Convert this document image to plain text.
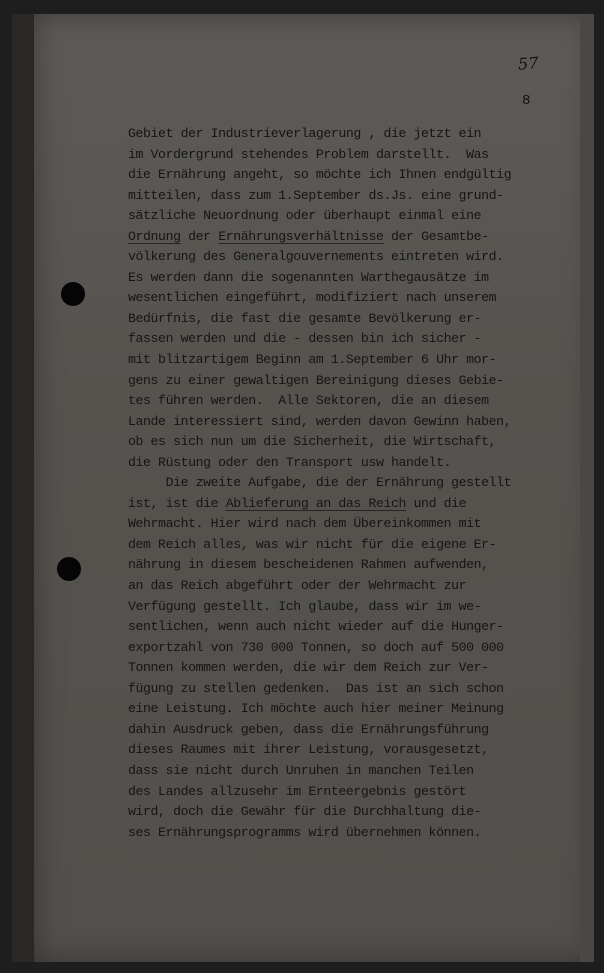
57
8
Gebiet der Industrieverlagerung , die jetzt ein
im Vordergrund stehendes Problem darstellt.  Was
die Ernährung angeht, so möchte ich Ihnen endgültig
mitteilen, dass zum 1.September ds.Js. eine grund-
sätzliche Neuordnung oder überhaupt einmal eine
Ordnung der Ernährungsverhältnisse der Gesamtbe-
völkerung des Generalgouvernements eintreten wird.
Es werden dann die sogenannten Warthegausätze im
wesentlichen eingeführt, modifiziert nach unserem
Bedürfnis, die fast die gesamte Bevölkerung er-
fassen werden und die - dessen bin ich sicher -
mit blitzartigem Beginn am 1.September 6 Uhr mor-
gens zu einer gewaltigen Bereinigung dieses Gebie-
tes führen werden.  Alle Sektoren, die an diesem
Lande interessiert sind, werden davon Gewinn haben,
ob es sich nun um die Sicherheit, die Wirtschaft,
die Rüstung oder den Transport usw handelt.
Die zweite Aufgabe, die der Ernährung gestellt
ist, ist die Ablieferung an das Reich und die
Wehrmacht. Hier wird nach dem Übereinkommen mit
dem Reich alles, was wir nicht für die eigene Er-
nährung in diesem bescheidenen Rahmen aufwenden,
an das Reich abgeführt oder der Wehrmacht zur
Verfügung gestellt. Ich glaube, dass wir im we-
sentlichen, wenn auch nicht wieder auf die Hunger-
exportzahl von 730 000 Tonnen, so doch auf 500 000
Tonnen kommen werden, die wir dem Reich zur Ver-
fügung zu stellen gedenken.  Das ist an sich schon
eine Leistung. Ich möchte auch hier meiner Meinung
dahin Ausdruck geben, dass die Ernährungsführung
dieses Raumes mit ihrer Leistung, vorausgesetzt,
dass sie nicht durch Unruhen in manchen Teilen
des Landes allzusehr im Ernteergebnis gestört
wird, doch die Gewähr für die Durchhaltung die-
ses Ernährungsprogramms wird übernehmen können.
